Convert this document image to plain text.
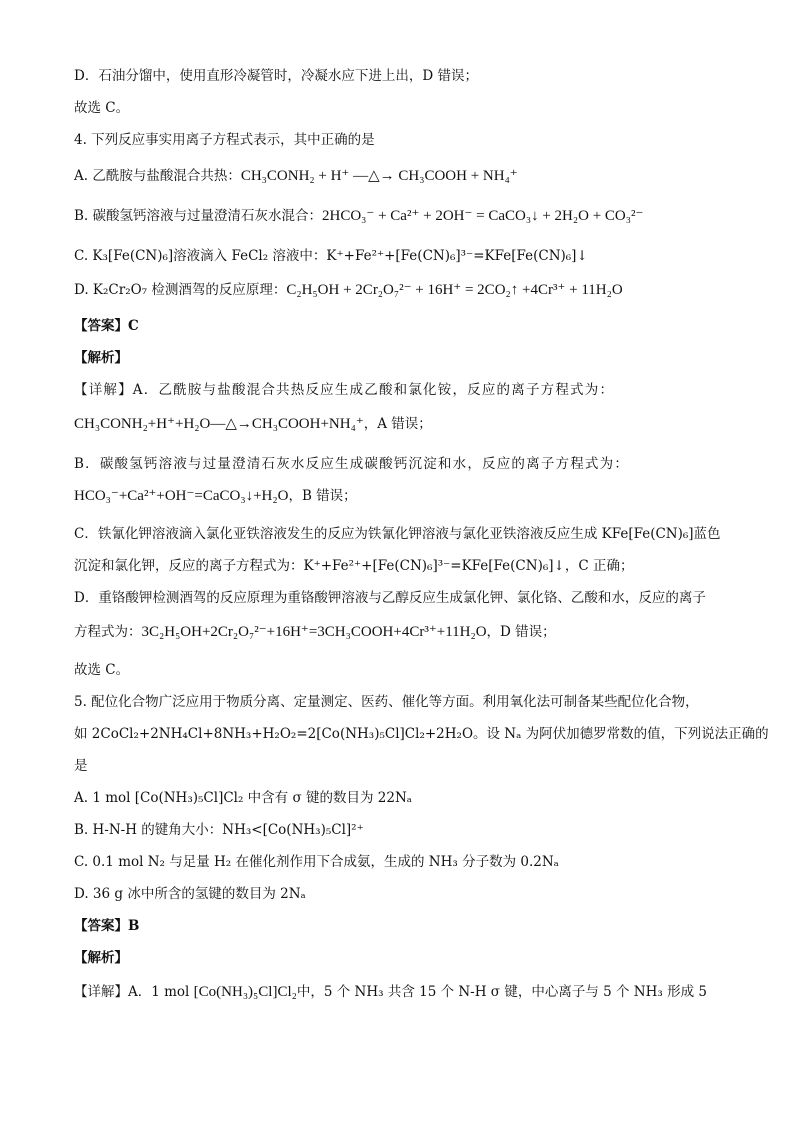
D．石油分馏中，使用直形冷凝管时，冷凝水应下进上出，D 错误；
故选 C。
4. 下列反应事实用离子方程式表示，其中正确的是
A. 乙酰胺与盐酸混合共热：CH₃CONH₂ + H⁺ —△→ CH₃COOH + NH₄⁺
B. 碳酸氢钙溶液与过量澄清石灰水混合：2HCO₃⁻ + Ca²⁺ + 2OH⁻ = CaCO₃↓ + 2H₂O + CO₃²⁻
C. K₃[Fe(CN)₆]溶液滴入 FeCl₂ 溶液中：K⁺+Fe²⁺+[Fe(CN)₆]³⁻=KFe[Fe(CN)₆]↓
D. K₂Cr₂O₇ 检测酒驾的反应原理：C₂H₅OH + 2Cr₂O₇²⁻ + 16H⁺ = 2CO₂↑ +4Cr³⁺ + 11H₂O
【答案】C
【解析】
【详解】A．乙酰胺与盐酸混合共热反应生成乙酸和氯化铵，反应的离子方程式为：
CH₃CONH₂+H⁺+H₂O—△→CH₃COOH+NH₄⁺，A 错误；
B．碳酸氢钙溶液与过量澄清石灰水反应生成碳酸钙沉淀和水，反应的离子方程式为：
HCO₃⁻+Ca²⁺+OH⁻=CaCO₃↓+H₂O，B 错误；
C．铁氰化钾溶液滴入氯化亚铁溶液发生的反应为铁氰化钾溶液与氯化亚铁溶液反应生成 KFe[Fe(CN)₆]蓝色
沉淀和氯化钾，反应的离子方程式为：K⁺+Fe²⁺+[Fe(CN)₆]³⁻=KFe[Fe(CN)₆]↓，C 正确；
D．重铬酸钾检测酒驾的反应原理为重铬酸钾溶液与乙醇反应生成氯化钾、氯化铬、乙酸和水，反应的离子
方程式为：3C₂H₅OH+2Cr₂O₇²⁻+16H⁺=3CH₃COOH+4Cr³⁺+11H₂O，D 错误；
故选 C。
5. 配位化合物广泛应用于物质分离、定量测定、医药、催化等方面。利用氧化法可制备某些配位化合物，
如 2CoCl₂+2NH₄Cl+8NH₃+H₂O₂=2[Co(NH₃)₅Cl]Cl₂+2H₂O。设 Nₐ 为阿伏加德罗常数的值，下列说法正确的
是
A. 1 mol [Co(NH₃)₅Cl]Cl₂ 中含有 σ 键的数目为 22Nₐ
B. H-N-H 的键角大小：NH₃<[Co(NH₃)₅Cl]²⁺
C. 0.1 mol N₂ 与足量 H₂ 在催化剂作用下合成氨，生成的 NH₃ 分子数为 0.2Nₐ
D. 36 g 冰中所含的氢键的数目为 2Nₐ
【答案】B
【解析】
【详解】A．1 mol [Co(NH₃)₅Cl]Cl₂中，5 个 NH₃ 共含 15 个 N-H σ 键，中心离子与 5 个 NH₃ 形成 5
